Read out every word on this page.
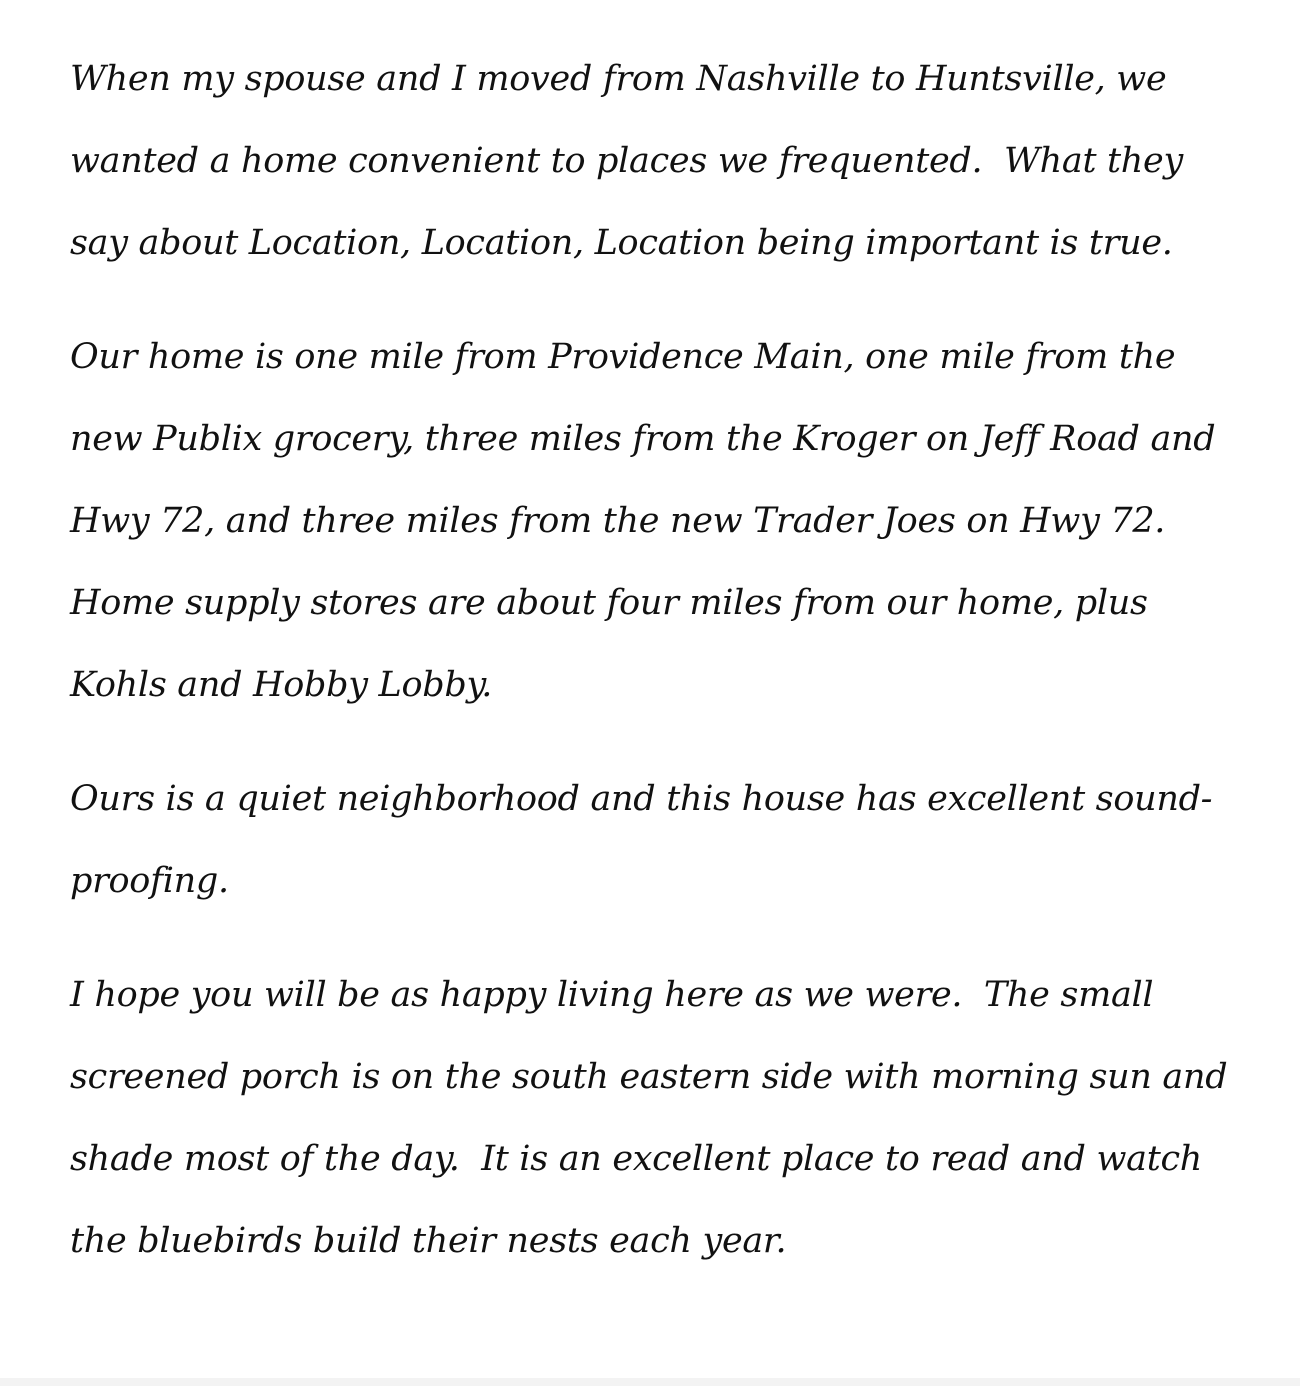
When my spouse and I moved from Nashville to Huntsville, we wanted a home convenient to places we frequented.  What they say about Location, Location, Location being important is true.

Our home is one mile from Providence Main, one mile from the new Publix grocery, three miles from the Kroger on Jeff Road and Hwy 72, and three miles from the new Trader Joes on Hwy 72.  Home supply stores are about four miles from our home, plus Kohls and Hobby Lobby.

Ours is a quiet neighborhood and this house has excellent sound-proofing.

I hope you will be as happy living here as we were.  The small screened porch is on the south eastern side with morning sun and shade most of the day.  It is an excellent place to read and watch the bluebirds build their nests each year.
